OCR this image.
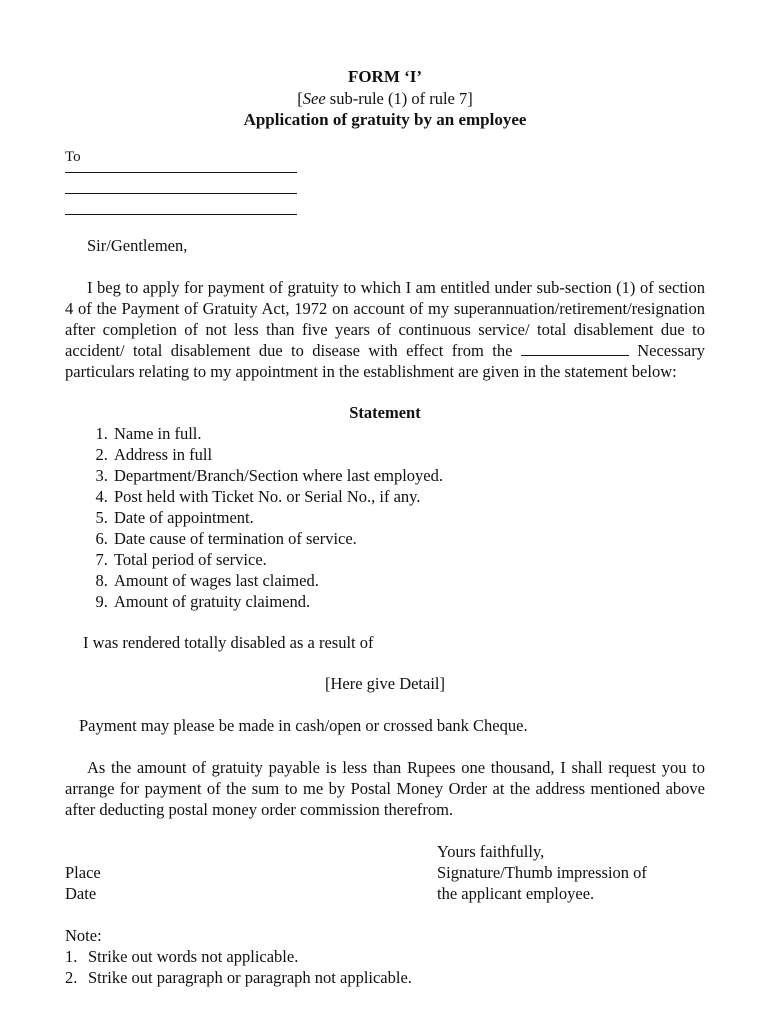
FORM ‘I’
[See sub-rule (1) of rule 7]
Application of gratuity by an employee
To
Sir/Gentlemen,
I beg to apply for payment of gratuity to which I am entitled under sub-section (1) of section 4 of the Payment of Gratuity Act, 1972 on account of my superannuation/retirement/resignation after completion of not less than five years of continuous service/ total disablement due to accident/ total disablement due to disease with effect from the	Necessary particulars relating to my appointment in the establishment are given in the statement below:
Statement
1. Name in full.
2. Address in full
3. Department/Branch/Section where last employed.
4. Post held with Ticket No. or Serial No., if any.
5. Date of appointment.
6. Date cause of termination of service.
7. Total period of service.
8. Amount of wages last claimed.
9. Amount of gratuity claimend.
I was rendered totally disabled as a result of
[Here give Detail]
Payment may please be made in cash/open or crossed bank Cheque.
As the amount of gratuity payable is less than Rupees one thousand, I shall request you to arrange for payment of the sum to me by Postal Money Order at the address mentioned above after deducting postal money order commission therefrom.
Place
Date
Yours faithfully,
Signature/Thumb impression of
the applicant employee.
Note:
1. Strike out words not applicable.
2. Strike out paragraph or paragraph not applicable.
